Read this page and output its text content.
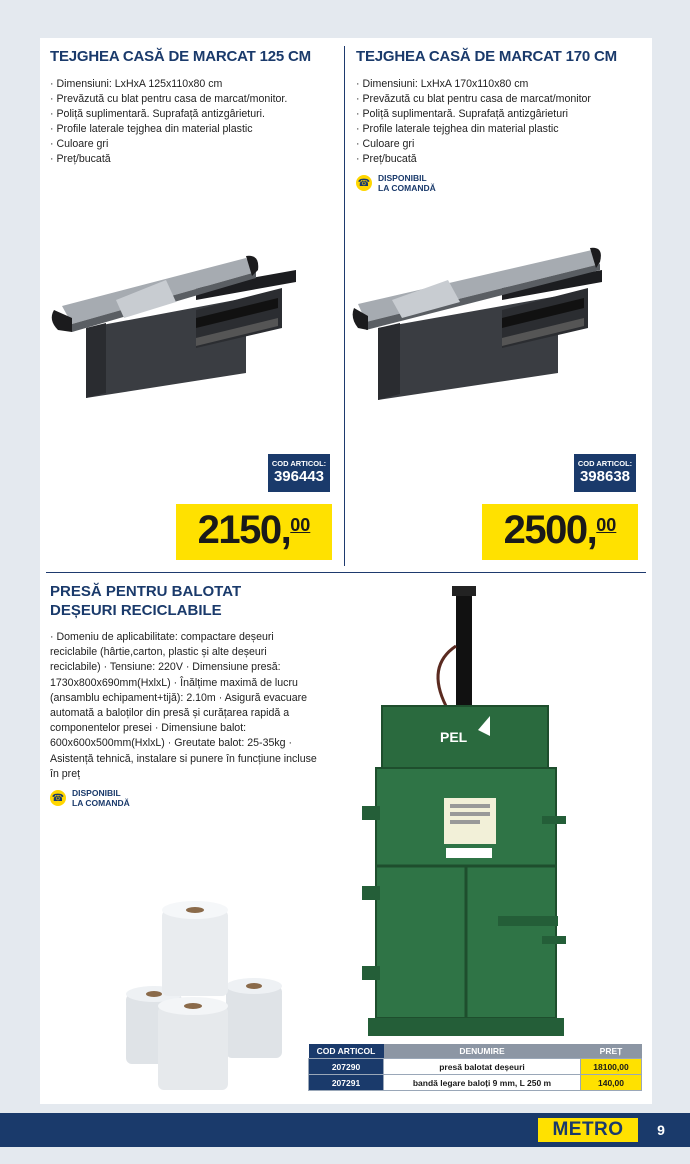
TEJGHEA CASĂ DE MARCAT 125 CM
· Dimensiuni: LxHxA 125x110x80 cm
· Prevăzută cu blat pentru casa de marcat/monitor.
· Poliță suplimentară. Suprafață antizgârieturi.
· Profile laterale tejghea din material plastic
· Culoare gri
· Preț/bucată
TEJGHEA CASĂ DE MARCAT 170 CM
· Dimensiuni: LxHxA 170x110x80 cm
· Prevăzută cu blat pentru casa de marcat/monitor
· Poliță suplimentară. Suprafață antizgârieturi
· Profile laterale tejghea din material plastic
· Culoare gri
· Preț/bucată
☎ DISPONIBIL
LA COMANDĂ
COD ARTICOL:
396443
COD ARTICOL:
398638
2150, 00	2500, 00
PRESĂ PENTRU BALOTAT
DEȘEURI RECICLABILE

· Domeniu de aplicabilitate: compactare deșeuri reciclabile (hârtie,carton, plastic și alte deșeuri reciclabile) · Tensiune: 220V · Dimensiune presă: 1730x800x690mm(HxlxL) · Înălțime maximă de lucru (ansamblu echipament+tijă): 2.10m · Asigură evacuare automată a baloților din presă și curățarea rapidă a componentelor presei · Dimensiune balot: 600x600x500mm(HxlxL) · Greutate balot: 25-35kg · Asistență tehnică, instalare si punere în funcțiune incluse în preț

☎ DISPONIBIL
LA COMANDĂ
PEL
COD ARTICOL	DENUMIRE	PREȚ
207290	presă balotat deșeuri	18100,00
207291	bandă legare baloți 9 mm, L 250 m	140,00
METRO	9
